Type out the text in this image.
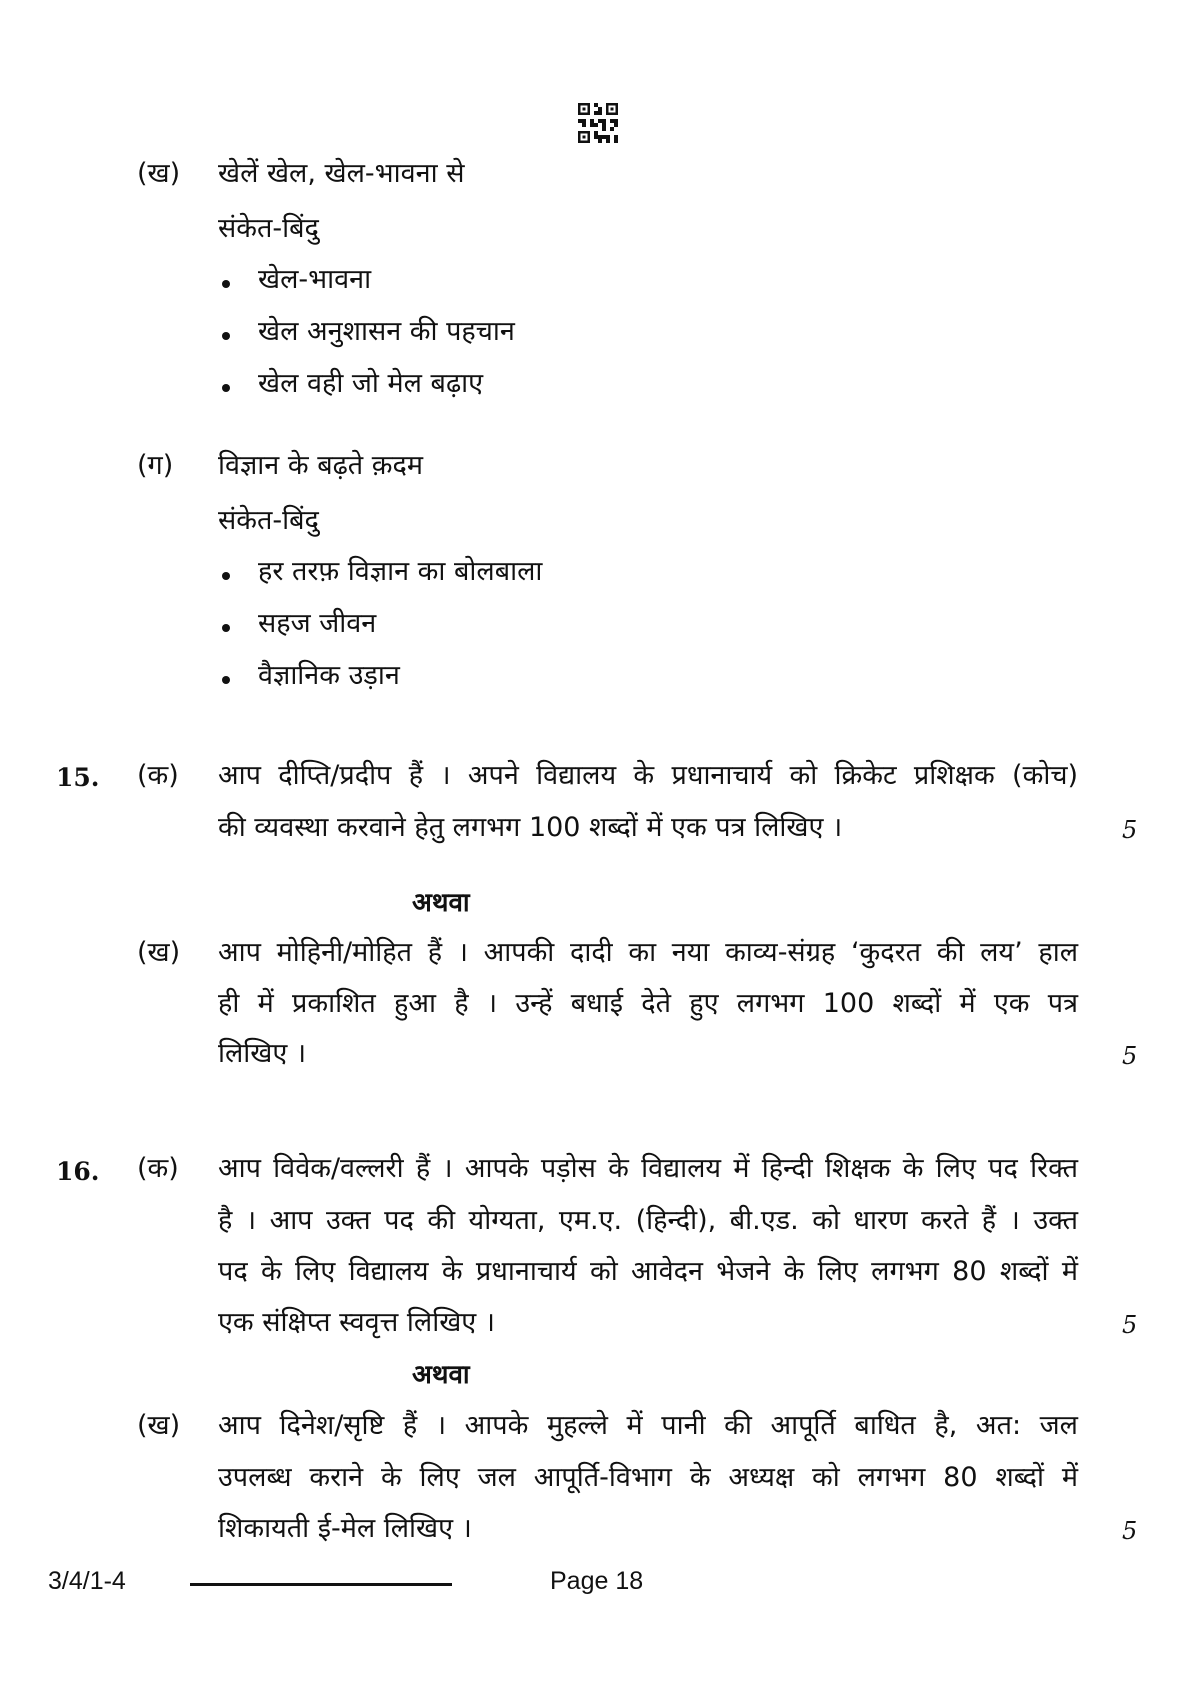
(ख) खेलें खेल, खेल-भावना से
संकेत-बिंदु
खेल-भावना
खेल अनुशासन की पहचान
खेल वही जो मेल बढ़ाए
(ग) विज्ञान के बढ़ते क़दम
संकेत-बिंदु
हर तरफ़ विज्ञान का बोलबाला
सहज जीवन
वैज्ञानिक उड़ान
15. (क) आप दीप्ति/प्रदीप हैं । अपने विद्यालय के प्रधानाचार्य को क्रिकेट प्रशिक्षक (कोच)
की व्यवस्था करवाने हेतु लगभग 100 शब्दों में एक पत्र लिखिए ।	5
अथवा
(ख) आप मोहिनी/मोहित हैं । आपकी दादी का नया काव्य-संग्रह ‘कुदरत की लय’ हाल
ही में प्रकाशित हुआ है । उन्हें बधाई देते हुए लगभग 100 शब्दों में एक पत्र
लिखिए ।	5
16. (क) आप विवेक/वल्लरी हैं । आपके पड़ोस के विद्यालय में हिन्दी शिक्षक के लिए पद रिक्त
है । आप उक्त पद की योग्यता, एम.ए. (हिन्दी), बी.एड. को धारण करते हैं । उक्त
पद के लिए विद्यालय के प्रधानाचार्य को आवेदन भेजने के लिए लगभग 80 शब्दों में
एक संक्षिप्त स्ववृत्त लिखिए ।	5
अथवा
(ख) आप दिनेश/सृष्टि हैं । आपके मुहल्ले में पानी की आपूर्ति बाधित है, अत: जल
उपलब्ध कराने के लिए जल आपूर्ति-विभाग के अध्यक्ष को लगभग 80 शब्दों में
शिकायती ई-मेल लिखिए ।	5
3/4/1-4	Page 18
